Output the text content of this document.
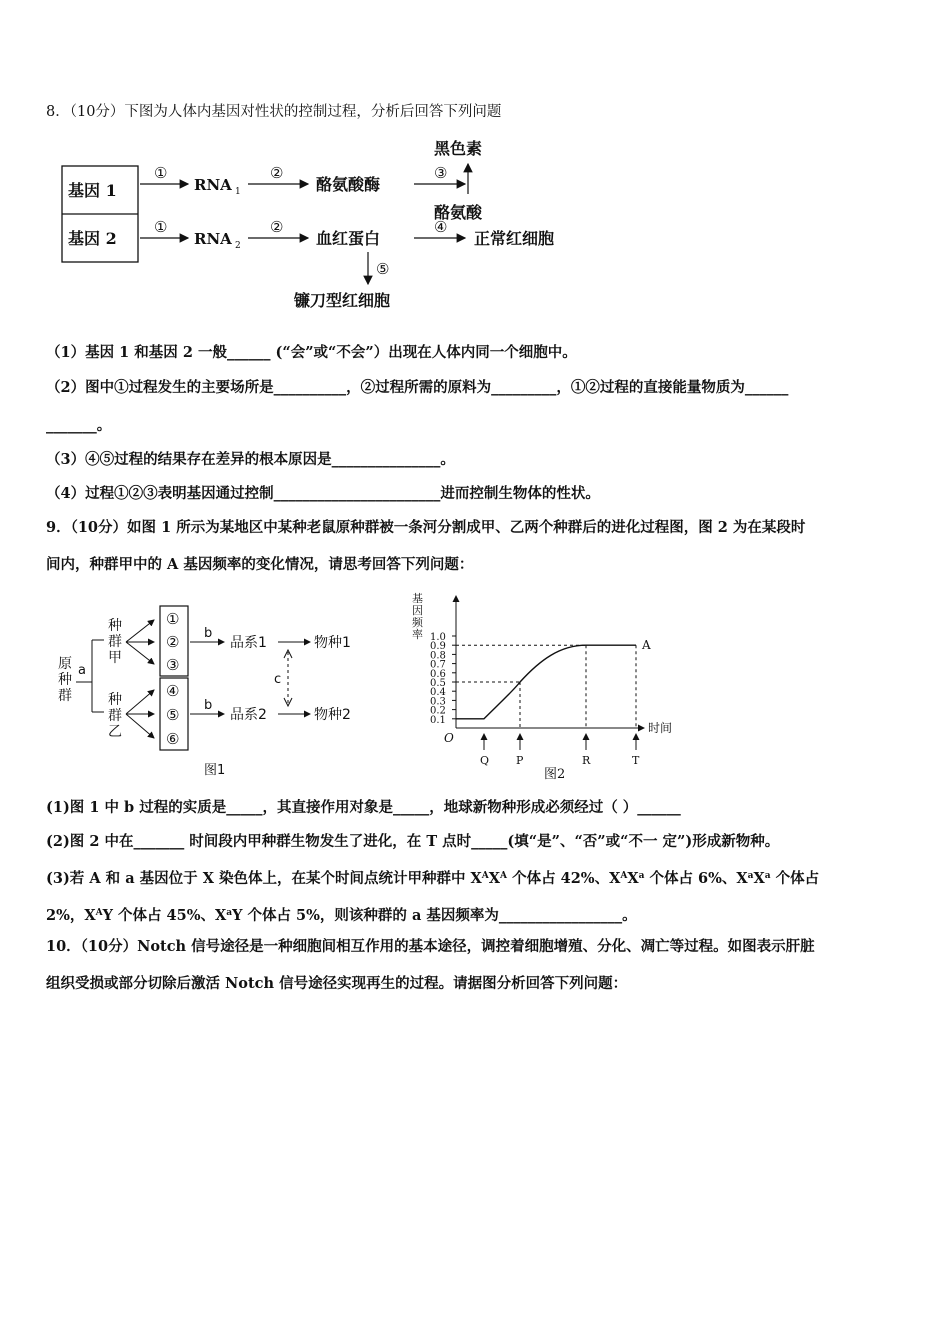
8．（10分）下图为人体内基因对性状的控制过程，分析后回答下列问题
基因 1
基因 2
①
RNA 1
②
酪氨酸酶
③
黑色素
酪氨酸
①
RNA 2
②
血红蛋白
④
正常红细胞
⑤
镰刀型红细胞
（1）基因 1 和基因 2 一般______ (“会”或“不会”）出现在人体内同一个细胞中。
（2）图中①过程发生的主要场所是__________，②过程所需的原料为_________，①②过程的直接能量物质为______
_______。
（3）④⑤过程的结果存在差异的根本原因是_______________。
（4）过程①②③表明基因通过控制_______________________进而控制生物体的性状。
9．（10分）如图 1 所示为某地区中某种老鼠原种群被一条河分割成甲、乙两个种群后的进化过程图，图 2 为在某段时
间内，种群甲中的 A 基因频率的变化情况，请思考回答下列问题：
原
种
群
a
种
群
甲
种
群
乙
①
②
③
④
⑤
⑥
b
品系1	物种1
b
品系2	物种2
c
图1
基
因
频
率
时间
O
0.1
0.2
0.3
0.4
0.5
0.6
0.7
0.8
0.9
1.0
A
Q P	R	T
图2
(1)图 1 中 b 过程的实质是_____，其直接作用对象是_____，地球新物种形成必须经过（ ）______
(2)图 2 中在_______ 时间段内甲种群生物发生了进化，在 T 点时_____(填“是”、“否”或“不一 定”)形成新物种。
(3)若 A 和 a 基因位于 X 染色体上，在某个时间点统计甲种群中 $X^AX^A$ 个体占 42%、$X^AX^a$ 个体占 6%、$X^aX^a$ 个体占
2%，$X^AY$ 个体占 45%、$X^aY$ 个体占 5%，则该种群的 a 基因频率为_________________。
10．（10分）Notch 信号途径是一种细胞间相互作用的基本途径，调控着细胞增殖、分化、凋亡等过程。如图表示肝脏
组织受损或部分切除后激活 Notch 信号途径实现再生的过程。请据图分析回答下列问题：
